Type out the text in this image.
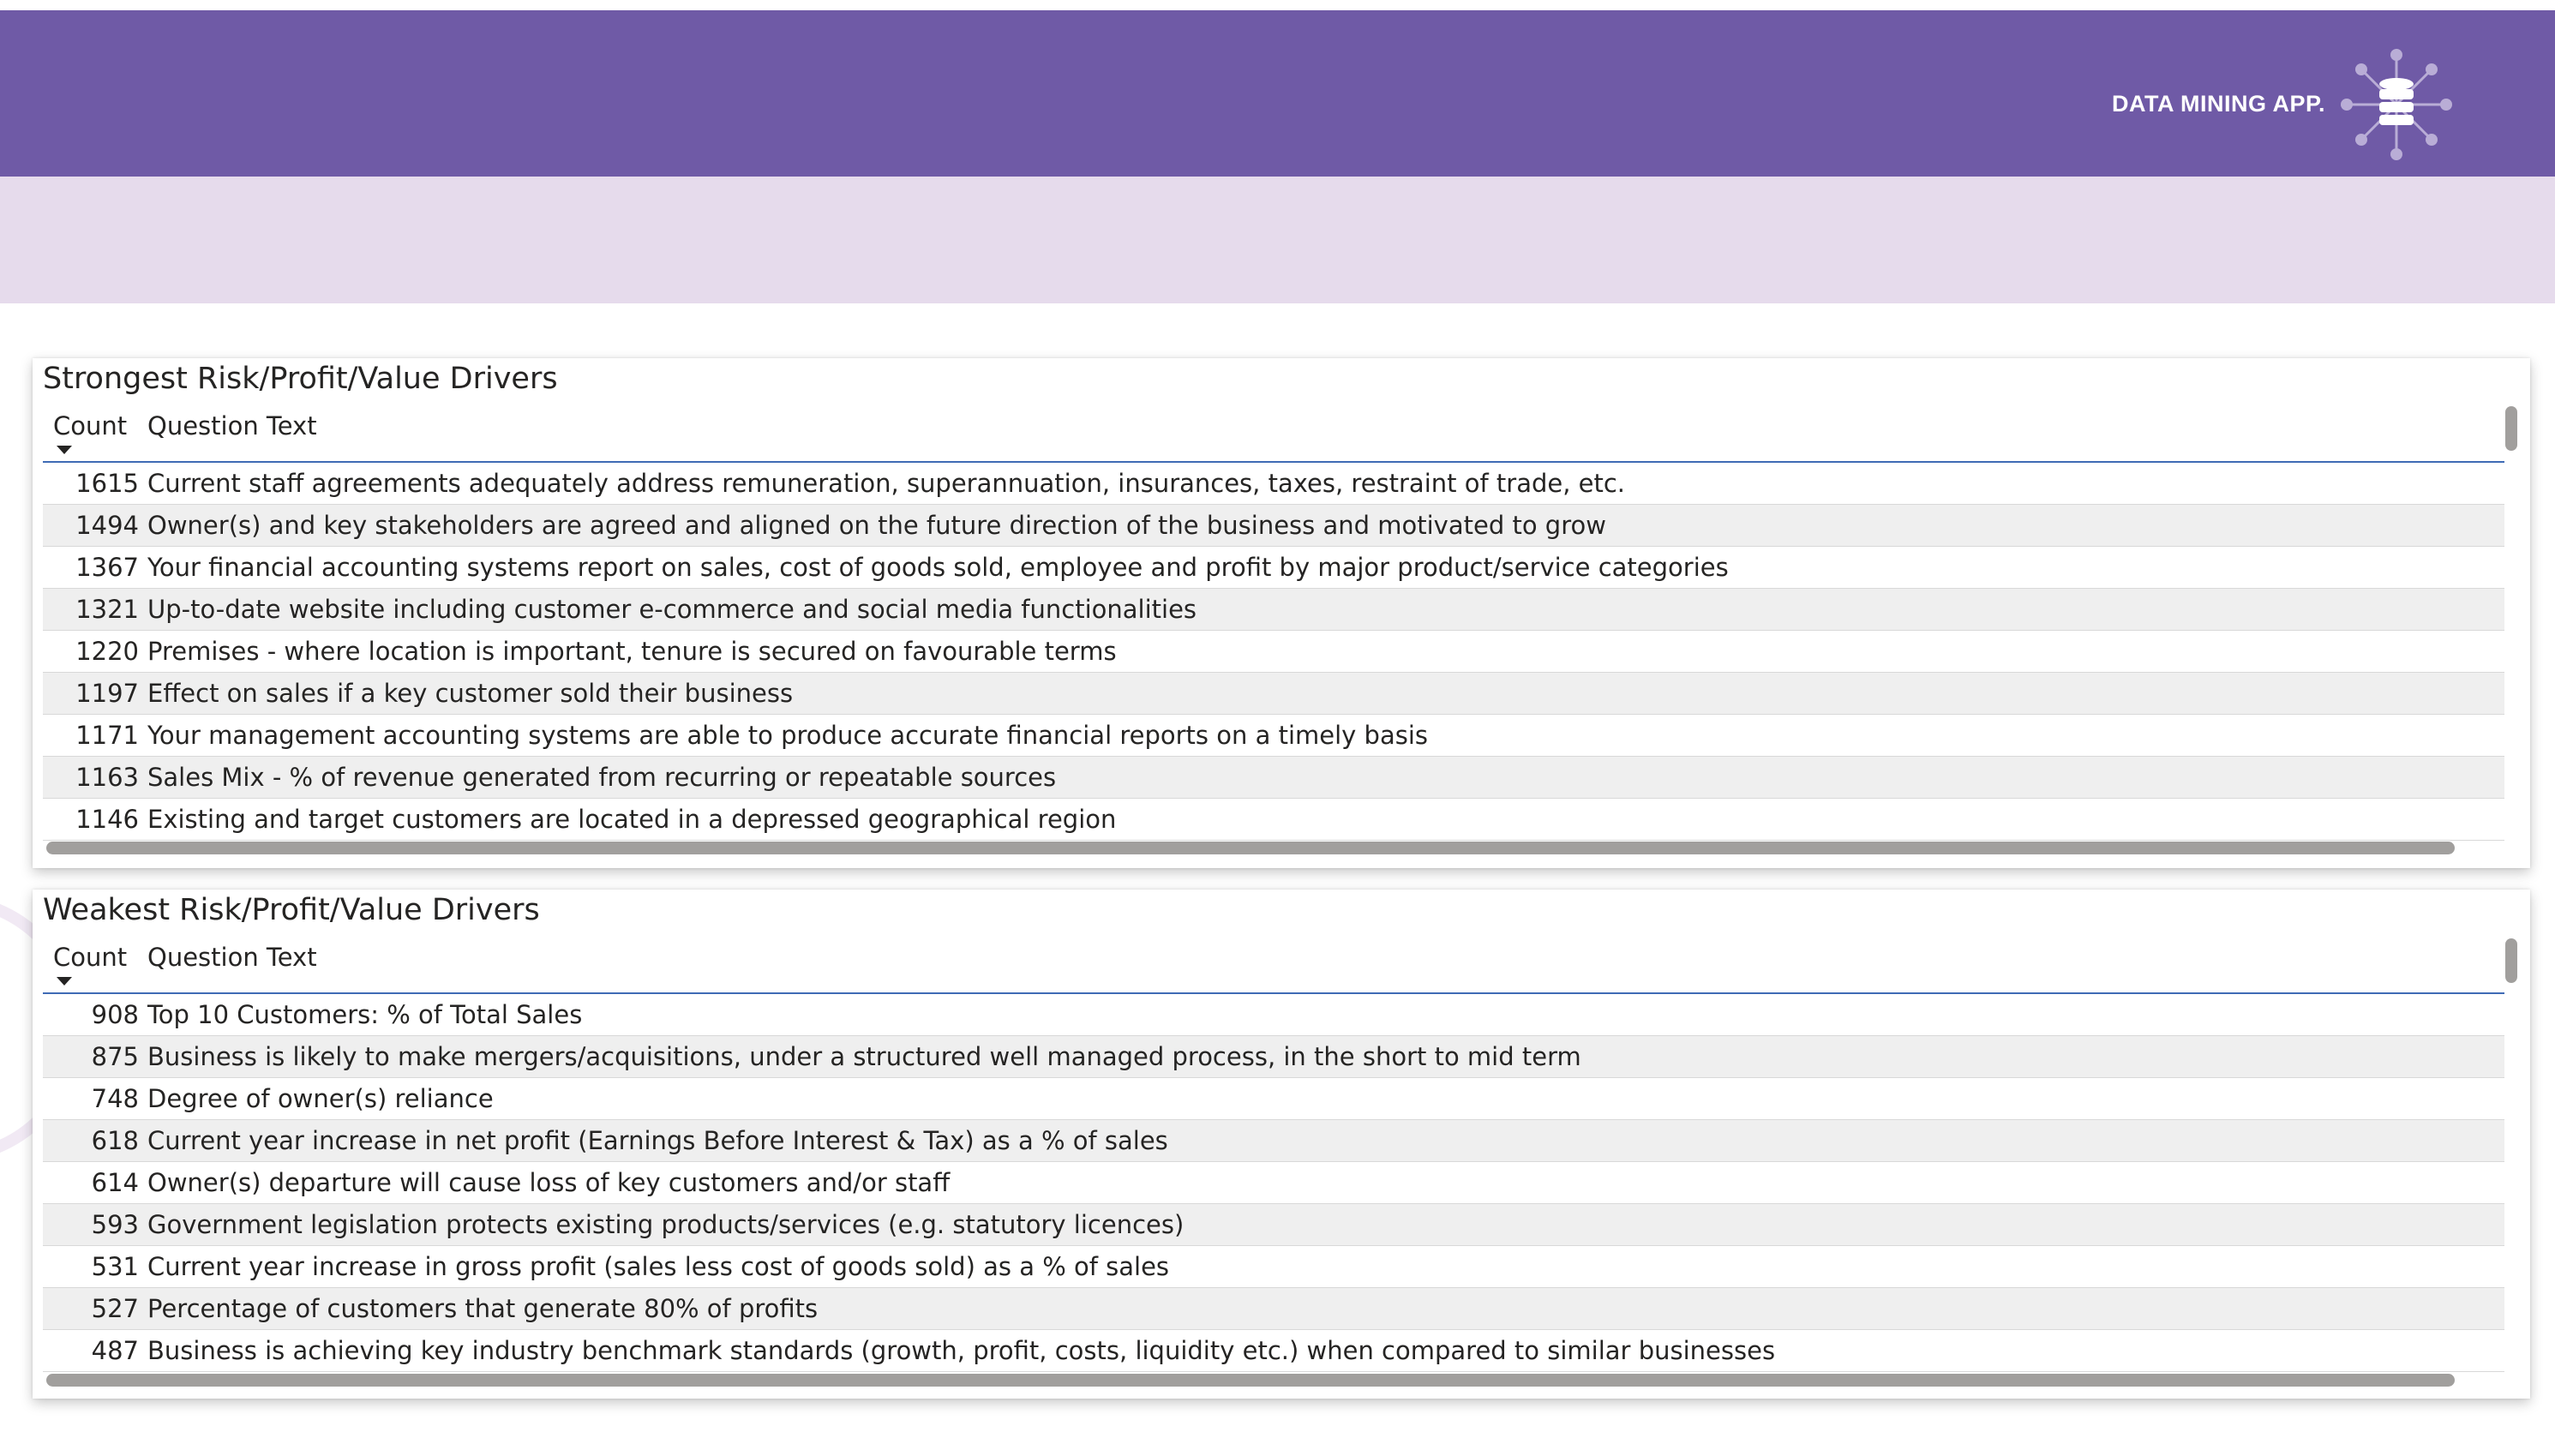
DATA MINING APP.
Strongest Risk/Profit/Value Drivers
Count Question Text
1615 Current staff agreements adequately address remuneration, superannuation, insurances, taxes, restraint of trade, etc.
1494 Owner(s) and key stakeholders are agreed and aligned on the future direction of the business and motivated to grow
1367 Your financial accounting systems report on sales, cost of goods sold, employee and profit by major product/service categories
1321 Up-to-date website including customer e-commerce and social media functionalities
1220 Premises - where location is important, tenure is secured on favourable terms
1197 Effect on sales if a key customer sold their business
1171 Your management accounting systems are able to produce accurate financial reports on a timely basis
1163 Sales Mix - % of revenue generated from recurring or repeatable sources
1146 Existing and target customers are located in a depressed geographical region
Weakest Risk/Profit/Value Drivers
Count Question Text
908 Top 10 Customers: % of Total Sales
875 Business is likely to make mergers/acquisitions, under a structured well managed process, in the short to mid term
748 Degree of owner(s) reliance
618 Current year increase in net profit (Earnings Before Interest & Tax) as a % of sales
614 Owner(s) departure will cause loss of key customers and/or staff
593 Government legislation protects existing products/services (e.g. statutory licences)
531 Current year increase in gross profit (sales less cost of goods sold) as a % of sales
527 Percentage of customers that generate 80% of profits
487 Business is achieving key industry benchmark standards (growth, profit, costs, liquidity etc.) when compared to similar businesses
